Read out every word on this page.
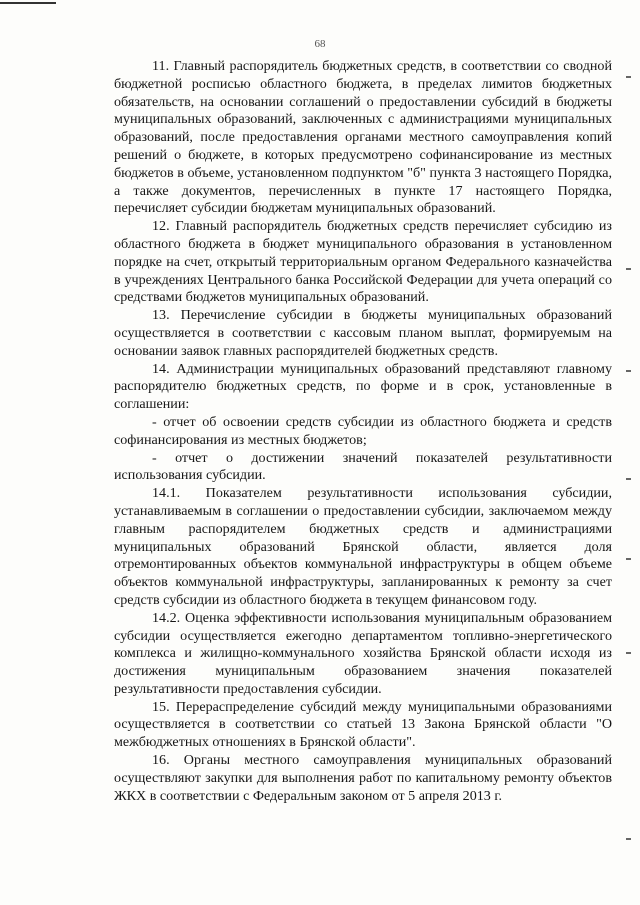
68

11. Главный распорядитель бюджетных средств, в соответствии со сводной бюджетной росписью областного бюджета, в пределах лимитов бюджетных обязательств, на основании соглашений о предоставлении субсидий в бюджеты муниципальных образований, заключенных с администрациями муниципальных образований, после предоставления органами местного самоуправления копий решений о бюджете, в которых предусмотрено софинансирование из местных бюджетов в объеме, установленном подпунктом "б" пункта 3 настоящего Порядка, а также документов, перечисленных в пункте 17 настоящего Порядка, перечисляет субсидии бюджетам муниципальных образований.

12. Главный распорядитель бюджетных средств перечисляет субсидию из областного бюджета в бюджет муниципального образования в установленном порядке на счет, открытый территориальным органом Федерального казначейства в учреждениях Центрального банка Российской Федерации для учета операций со средствами бюджетов муниципальных образований.

13. Перечисление субсидии в бюджеты муниципальных образований осуществляется в соответствии с кассовым планом выплат, формируемым на основании заявок главных распорядителей бюджетных средств.

14. Администрации муниципальных образований представляют главному распорядителю бюджетных средств, по форме и в срок, установленные в соглашении:

- отчет об освоении средств субсидии из областного бюджета и средств софинансирования из местных бюджетов;

- отчет о достижении значений показателей результативности использования субсидии.

14.1. Показателем результативности использования субсидии, устанавливаемым в соглашении о предоставлении субсидии, заключаемом между главным распорядителем бюджетных средств и администрациями муниципальных образований Брянской области, является доля отремонтированных объектов коммунальной инфраструктуры в общем объеме объектов коммунальной инфраструктуры, запланированных к ремонту за счет средств субсидии из областного бюджета в текущем финансовом году.

14.2. Оценка эффективности использования муниципальным образованием субсидии осуществляется ежегодно департаментом топливно-энергетического комплекса и жилищно-коммунального хозяйства Брянской области исходя из достижения муниципальным образованием значения показателей результативности предоставления субсидии.

15. Перераспределение субсидий между муниципальными образованиями осуществляется в соответствии со статьей 13 Закона Брянской области "О межбюджетных отношениях в Брянской области".

16. Органы местного самоуправления муниципальных образований осуществляют закупки для выполнения работ по капитальному ремонту объектов ЖКХ в соответствии с Федеральным законом от 5 апреля 2013 г.
